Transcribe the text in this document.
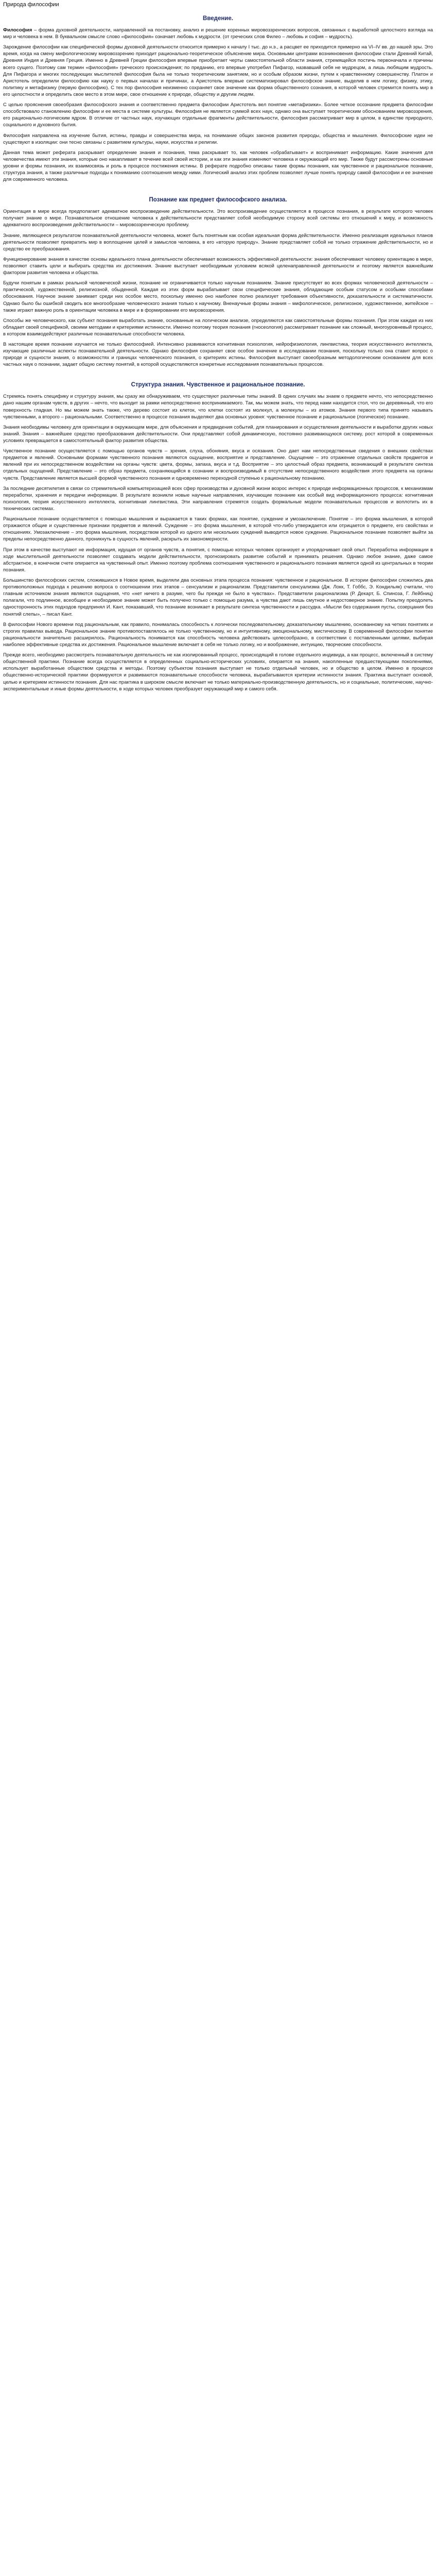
Природа философии
Введение.

Философия – форма духовной деятельности, направленной на постановку, анализ и решение коренных мировоззренческих вопросов, связанных с выработкой целостного взгляда на мир и человека в нем. В буквальном смысле слово «философия» означает любовь к мудрости. (от греческих слов Филео – любовь и софия – мудрость).

Зарождение философии как специфической формы духовной деятельности относится примерно к началу I тыс. до н.э., а расцвет ее приходится примерно на VI–IV вв. до нашей эры. Это время, когда на смену мифологическому мировоззрению приходит рационально-теоретическое объяснение мира. Основными центрами возникновения философии стали Древний Китай, Древняя Индия и Древняя Греция. Именно в Древней Греции философия впервые приобретает черты самостоятельной области знания, стремящейся постичь первоначала и причины всего сущего. Поэтому сам термин «философия» греческого происхождения; по преданию, его впервые употребил Пифагор, назвавший себя не мудрецом, а лишь любящим мудрость. Для Пифагора и многих последующих мыслителей философия была не только теоретическим занятием, но и особым образом жизни, путем к нравственному совершенству. Платон и Аристотель определили философию как науку о первых началах и причинах, а Аристотель впервые систематизировал философское знание, выделив в нем логику, физику, этику, политику и метафизику (первую философию). С тех пор философия неизменно сохраняет свое значение как форма общественного сознания, в которой человек стремится понять мир в его целостности и определить свое место в этом мире, свое отношение к природе, обществу и другим людям.

С целью прояснения своеобразия философского знания и соответственно предмета философии Аристотель вел понятие «метафизики». Более четкое осознание предмета философии способствовало становлению философии и ее места в системе культуры. Философия не является суммой всех наук, однако она выступает теоретическим обоснованием мировоззрения, его рационально-логическим ядром. В отличие от частных наук, изучающих отдельные фрагменты действительности, философия рассматривает мир в целом, в единстве природного, социального и духовного бытия.

Философия направлена на изучение бытия, истины, правды и совершенства мира, на понимание общих законов развития природы, общества и мышления. Философские идеи не существуют в изоляции: они тесно связаны с развитием культуры, науки, искусства и религии.

Данная тема может реферата раскрывает определение знания и познания, тема раскрывает то, как человек «обрабатывает» и воспринимает информацию. Какие значения для человечества имеют эти знания, которые оно накапливает в течение всей своей истории, и как эти знания изменяют человека и окружающий его мир. Также будут рассмотрены основные уровни и формы познания, их взаимосвязь и роль в процессе постижения истины. В реферате подробно описаны такие формы познания, как чувственное и рациональное познание, структура знания, а также различные подходы к пониманию соотношения между ними. Логический анализ этих проблем позволяет лучше понять природу самой философии и ее значение для современного человека.

Познание как предмет философского анализа.

Ориентация в мире всегда предполагает адекватное воспроизведение действительности. Это воспроизведение осуществляется в процессе познания, в результате которого человек получает знание о мире. Познавательное отношение человека к действительности представляет собой необходимую сторону всей системы его отношений к миру, и возможность адекватного воспроизведения действительности – мировоззренческую проблему.

Знание, являющееся результатом познавательной деятельности человека, может быть понятным как особая идеальная форма действительности. Именно реализация идеальных планов деятельности позволяет превратить мир в воплощение целей и замыслов человека, в его «вторую природу». Знание представляет собой не только отражение действительности, но и средство ее преобразования.

Функционирование знания в качестве основы идеального плана деятельности обеспечивает возможность эффективной деятельности: знания обеспечивают человеку ориентацию в мире, позволяют ставить цели и выбирать средства их достижения. Знание выступает необходимым условием всякой целенаправленной деятельности и поэтому является важнейшим фактором развития человека и общества.

Будучи понятым в рамках реальной человеческой жизни, познание не ограничивается только научным познанием. Знание присутствует во всех формах человеческой деятельности – практической, художественной, религиозной, обыденной. Каждая из этих форм вырабатывает свои специфические знания, обладающие особым статусом и особыми способами обоснования. Научное знание занимает среди них особое место, поскольку именно оно наиболее полно реализует требования объективности, доказательности и систематичности. Однако было бы ошибкой сводить все многообразие человеческого знания только к научному. Вненаучные формы знания – мифологическое, религиозное, художественное, житейское – также играют важную роль в ориентации человека в мире и в формировании его мировоззрения.

Способы же человеческого, как субъект познания выработать знание, основанные на логическом анализе, определяются как самостоятельные формы познания. При этом каждая из них обладает своей спецификой, своими методами и критериями истинности. Именно поэтому теория познания (гносеология) рассматривает познание как сложный, многоуровневый процесс, в котором взаимодействуют различные познавательные способности человека.

В настоящее время познание изучается не только философией. Интенсивно развиваются когнитивная психология, нейрофизиология, лингвистика, теория искусственного интеллекта, изучающие различные аспекты познавательной деятельности. Однако философия сохраняет свое особое значение в исследовании познания, поскольку только она ставит вопрос о природе и сущности знания, о возможностях и границах человеческого познания, о критериях истины. Философия выступает своеобразным методологическим основанием для всех частных наук о познании, задает общую систему понятий, в которой осуществляются конкретные исследования познавательных процессов.

Структура знания. Чувственное и рациональное познание.

Стремясь понять специфику и структуру знания, мы сразу же обнаруживаем, что существуют различные типы знаний. В одних случаях мы знаем о предмете нечто, что непосредственно дано нашим органам чувств, в других – нечто, что выходит за рамки непосредственно воспринимаемого. Так, мы можем знать, что перед нами находится стол, что он деревянный, что его поверхность гладкая. Но мы можем знать также, что дерево состоит из клеток, что клетки состоят из молекул, а молекулы – из атомов. Знания первого типа принято называть чувственными, а второго – рациональными. Соответственно в процессе познания выделяют два основных уровня: чувственное познание и рациональное (логическое) познание.

Знания необходимы человеку для ориентации в окружающем мире, для объяснения и предвидения событий, для планирования и осуществления деятельности и выработки других новых знаний. Знания – важнейшее средство преобразования действительности. Они представляют собой динамическую, постоянно развивающуюся систему, рост которой в современных условиях превращается в самостоятельный фактор развития общества.

Чувственное познание осуществляется с помощью органов чувств – зрения, слуха, обоняния, вкуса и осязания. Оно дает нам непосредственные сведения о внешних свойствах предметов и явлений. Основными формами чувственного познания являются ощущение, восприятие и представление. Ощущение – это отражение отдельных свойств предметов и явлений при их непосредственном воздействии на органы чувств: цвета, формы, запаха, вкуса и т.д. Восприятие – это целостный образ предмета, возникающий в результате синтеза отдельных ощущений. Представление – это образ предмета, сохраняющийся в сознании и воспроизводимый в отсутствие непосредственного воздействия этого предмета на органы чувств. Представление является высшей формой чувственного познания и одновременно переходной ступенью к рациональному познанию.

За последние десятилетия в связи со стремительной компьютеризацией всех сфер производства и духовной жизни возрос интерес к природе информационных процессов, к механизмам переработки, хранения и передачи информации. В результате возникли новые научные направления, изучающие познание как особый вид информационного процесса: когнитивная психология, теория искусственного интеллекта, когнитивная лингвистика. Эти направления стремятся создать формальные модели познавательных процессов и воплотить их в технических системах.

Рациональное познание осуществляется с помощью мышления и выражается в таких формах, как понятие, суждение и умозаключение. Понятие – это форма мышления, в которой отражаются общие и существенные признаки предметов и явлений. Суждение – это форма мышления, в которой что-либо утверждается или отрицается о предмете, его свойствах и отношениях. Умозаключение – это форма мышления, посредством которой из одного или нескольких суждений выводится новое суждение. Рациональное познание позволяет выйти за пределы непосредственно данного, проникнуть в сущность явлений, раскрыть их закономерности.

При этом в качестве выступают не информация, идущая от органов чувств, а понятия, с помощью которых человек организует и упорядочивает свой опыт. Переработка информации в ходе мыслительной деятельности позволяет создавать модели действительности, прогнозировать развитие событий и принимать решения. Однако любое знание, даже самое абстрактное, в конечном счете опирается на чувственный опыт. Именно поэтому проблема соотношения чувственного и рационального познания является одной из центральных в теории познания.

Большинство философских систем, сложившихся в Новое время, выделяли два основных этапа процесса познания: чувственное и рациональное. В истории философии сложились два противоположных подхода к решению вопроса о соотношении этих этапов – сенсуализм и рационализм. Представители сенсуализма (Дж. Локк, Т. Гоббс, Э. Кондильяк) считали, что главным источником знания являются ощущения, что «нет ничего в разуме, чего бы прежде не было в чувствах». Представители рационализма (Р. Декарт, Б. Спиноза, Г. Лейбниц) полагали, что подлинное, всеобщее и необходимое знание может быть получено только с помощью разума, а чувства дают лишь смутное и недостоверное знание. Попытку преодолеть односторонность этих подходов предпринял И. Кант, показавший, что познание возникает в результате синтеза чувственности и рассудка. «Мысли без содержания пусты, созерцания без понятий слепы», – писал Кант.

В философии Нового времени под рациональным, как правило, понималась способность к логически последовательному, доказательному мышлению, основанному на четких понятиях и строгих правилах вывода. Рациональное знание противопоставлялось не только чувственному, но и интуитивному, эмоциональному, мистическому. В современной философии понятие рациональности значительно расширилось. Рациональность понимается как способность человека действовать целесообразно, в соответствии с поставленными целями, выбирая наиболее эффективные средства их достижения. Рациональное мышление включает в себя не только логику, но и воображение, интуицию, творческие способности.

Прежде всего, необходимо рассмотреть познавательную деятельность не как изолированный процесс, происходящий в голове отдельного индивида, а как процесс, включенный в систему общественной практики. Познание всегда осуществляется в определенных социально-исторических условиях, опирается на знания, накопленные предшествующими поколениями, использует выработанные обществом средства и методы. Поэтому субъектом познания выступает не только отдельный человек, но и общество в целом. Именно в процессе общественно-исторической практики формируются и развиваются познавательные способности человека, вырабатываются критерии истинности знания. Практика выступает основой, целью и критерием истинности познания. Для нас практика в широком смысле включает не только материально-производственную деятельность, но и социальные, политические, научно-экспериментальные и иные формы деятельности, в ходе которых человек преобразует окружающий мир и самого себя.
